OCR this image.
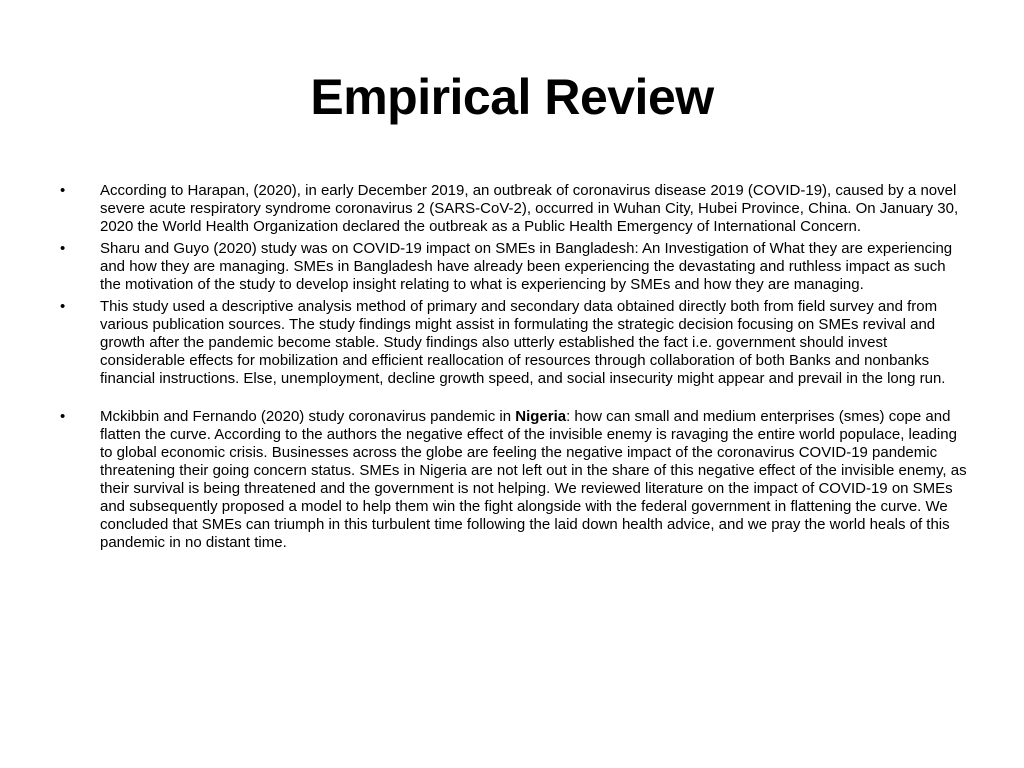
Empirical Review
•	According to Harapan, (2020), in early December 2019, an outbreak of coronavirus disease 2019 (COVID-19), caused by a novel severe acute respiratory syndrome coronavirus 2 (SARS-CoV-2), occurred in Wuhan City, Hubei Province, China. On January 30, 2020 the World Health Organization declared the outbreak as a Public Health Emergency of International Concern.

•	Sharu and Guyo (2020) study was on COVID-19 impact on SMEs in Bangladesh: An Investigation of What they are experiencing and how they are managing. SMEs in Bangladesh have already been experiencing the devastating and ruthless impact as such the motivation of the study to develop insight relating to what is experiencing by SMEs and how they are managing.

•	This study used a descriptive analysis method of primary and secondary data obtained directly both from field survey and from various publication sources. The study findings might assist in formulating the strategic decision focusing on SMEs revival and growth after the pandemic become stable. Study findings also utterly established the fact i.e. government should invest considerable effects for mobilization and efficient reallocation of resources through collaboration of both Banks and nonbanks financial instructions. Else, unemployment, decline growth speed, and social insecurity might appear and prevail in the long run.

•	Mckibbin and Fernando (2020) study coronavirus pandemic in Nigeria: how can small and medium enterprises (smes) cope and flatten the curve. According to the authors the negative effect of the invisible enemy is ravaging the entire world populace, leading to global economic crisis. Businesses across the globe are feeling the negative impact of the coronavirus COVID-19 pandemic threatening their going concern status. SMEs in Nigeria are not left out in the share of this negative effect of the invisible enemy, as their survival is being threatened and the government is not helping. We reviewed literature on the impact of COVID-19 on SMEs and subsequently proposed a model to help them win the fight alongside with the federal government in flattening the curve. We concluded that SMEs can triumph in this turbulent time following the laid down health advice, and we pray the world heals of this pandemic in no distant time.
